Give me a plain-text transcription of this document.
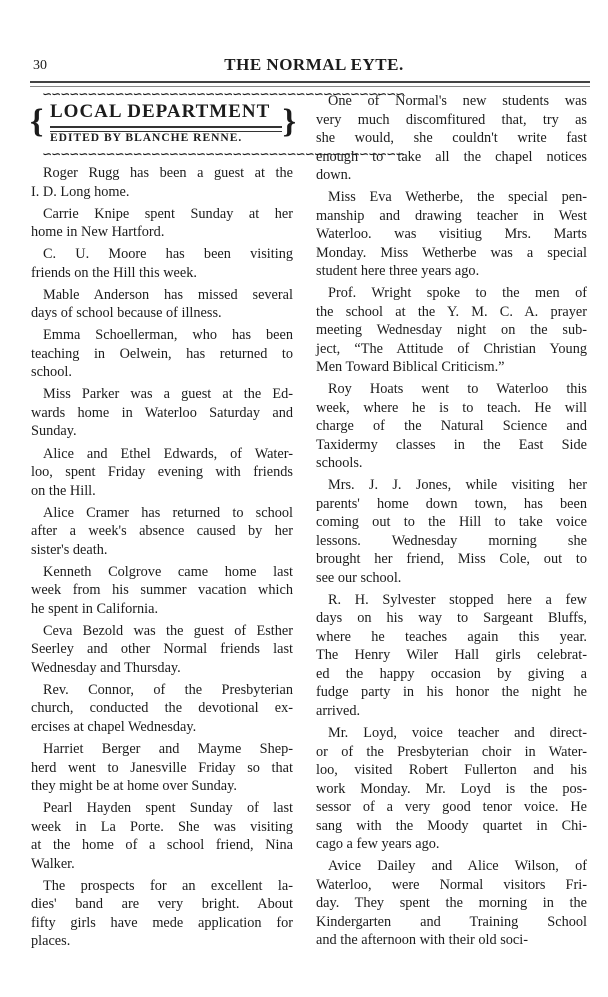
30	THE NORMAL EYTE.
∽∽∽∽∽∽∽∽∽∽∽∽∽∽∽∽∽∽∽∽∽∽∽∽∽∽∽∽∽∽∽∽∽∽∽∽∽∽∽∽
{	}
LOCAL DEPARTMENT
EDITED BY BLANCHE RENNE.
∽∽∽∽∽∽∽∽∽∽∽∽∽∽∽∽∽∽∽∽∽∽∽∽∽∽∽∽∽∽∽∽∽∽∽∽∽∽∽∽
Roger Rugg has been a guest at the
I. D. Long home.
Carrie Knipe spent Sunday at her
home in New Hartford.
C. U. Moore has been visiting
friends on the Hill this week.
Mable Anderson has missed several
days of school because of illness.
Emma Schoellerman, who has been
teaching in Oelwein, has returned to
school.
Miss Parker was a guest at the Ed-
wards home in Waterloo Saturday and
Sunday.
Alice and Ethel Edwards, of Water-
loo, spent Friday evening with friends
on the Hill.
Alice Cramer has returned to school
after a week's absence caused by her
sister's death.
Kenneth Colgrove came home last
week from his summer vacation which
he spent in California.
Ceva Bezold was the guest of Esther
Seerley and other Normal friends last
Wednesday and Thursday.
Rev. Connor, of the Presbyterian
church, conducted the devotional ex-
ercises at chapel Wednesday.
Harriet Berger and Mayme Shep-
herd went to Janesville Friday so that
they might be at home over Sunday.
Pearl Hayden spent Sunday of last
week in La Porte. She was visiting
at the home of a school friend, Nina
Walker.
The prospects for an excellent la-
dies' band are very bright. About
fifty girls have mede application for
places.
One of Normal's new students was
very much discomfitured that, try as
she would, she couldn't write fast
enough to take all the chapel notices
down.
Miss Eva Wetherbe, the special pen-
manship and drawing teacher in West
Waterloo. was visitiug Mrs. Marts
Monday. Miss Wetherbe was a special
student here three years ago.
Prof. Wright spoke to the men of
the school at the Y. M. C. A. prayer
meeting Wednesday night on the sub-
ject, “The Attitude of Christian Young
Men Toward Biblical Criticism.”
Roy Hoats went to Waterloo this
week, where he is to teach. He will
charge of the Natural Science and
Taxidermy classes in the East Side
schools.
Mrs. J. J. Jones, while visiting her
parents' home down town, has been
coming out to the Hill to take voice
lessons. Wednesday morning she
brought her friend, Miss Cole, out to
see our school.
R. H. Sylvester stopped here a few
days on his way to Sargeant Bluffs,
where he teaches again this year.
The Henry Wiler Hall girls celebrat-
ed the happy occasion by giving a
fudge party in his honor the night he
arrived.
Mr. Loyd, voice teacher and direct-
or of the Presbyterian choir in Water-
loo, visited Robert Fullerton and his
work Monday. Mr. Loyd is the pos-
sessor of a very good tenor voice. He
sang with the Moody quartet in Chi-
cago a few years ago.
Avice Dailey and Alice Wilson, of
Waterloo, were Normal visitors Fri-
day. They spent the morning in the
Kindergarten and Training School
and the afternoon with their old soci-
